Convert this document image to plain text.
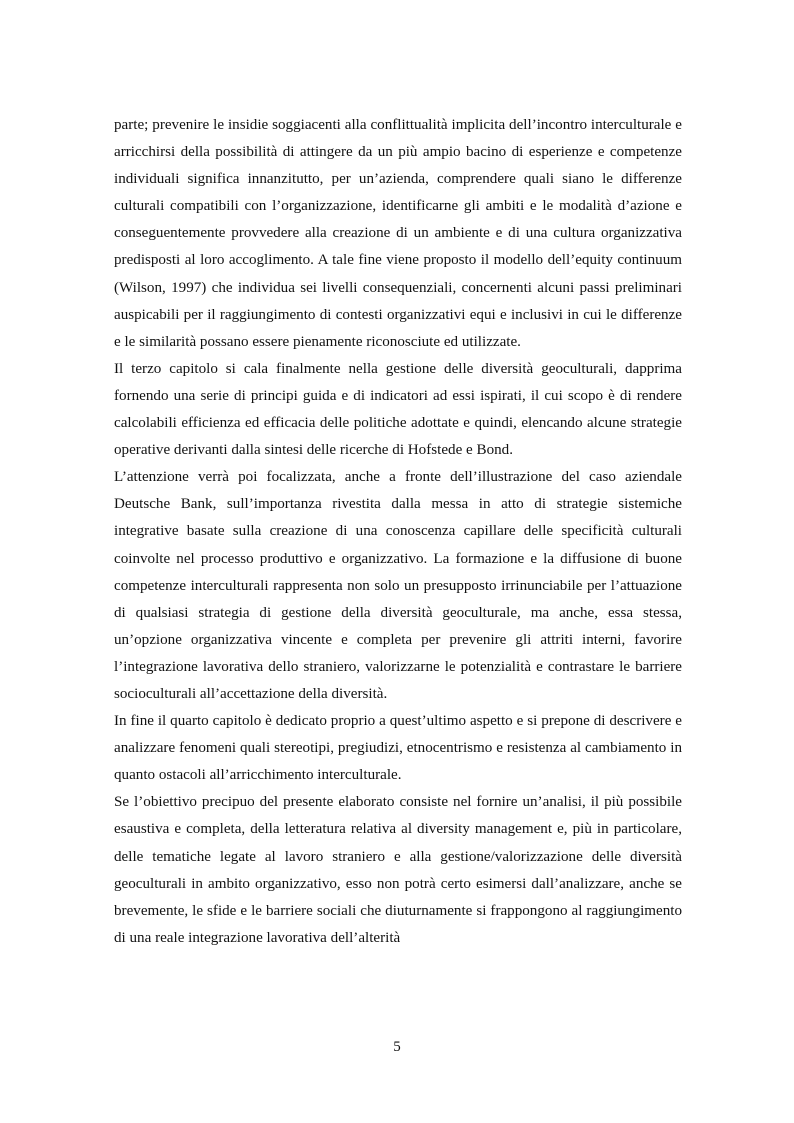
parte; prevenire le insidie soggiacenti alla conflittualità implicita dell’incontro interculturale e arricchirsi della possibilità di attingere da un più ampio bacino di esperienze e competenze individuali significa innanzitutto, per un’azienda, comprendere quali siano le differenze culturali compatibili con l’organizzazione, identificarne gli ambiti e le modalità d’azione e conseguentemente provvedere alla creazione di un ambiente e di una cultura organizzativa predisposti al loro accoglimento. A tale fine viene proposto il modello dell’equity continuum (Wilson, 1997) che individua sei livelli consequenziali, concernenti alcuni passi preliminari auspicabili per il raggiungimento di contesti organizzativi equi e inclusivi in cui le differenze e le similarità possano essere pienamente riconosciute ed utilizzate.

Il terzo capitolo si cala finalmente nella gestione delle diversità geoculturali, dapprima fornendo una serie di principi guida e di indicatori ad essi ispirati, il cui scopo è di rendere calcolabili efficienza ed efficacia delle politiche adottate e quindi, elencando alcune strategie operative derivanti dalla sintesi delle ricerche di Hofstede e Bond.

L’attenzione verrà poi focalizzata, anche a fronte dell’illustrazione del caso aziendale Deutsche Bank, sull’importanza rivestita dalla messa in atto di strategie sistemiche integrative basate sulla creazione di una conoscenza capillare delle specificità culturali coinvolte nel processo produttivo e organizzativo. La formazione e la diffusione di buone competenze interculturali rappresenta non solo un presupposto irrinunciabile per l’attuazione di qualsiasi strategia di gestione della diversità geoculturale, ma anche, essa stessa, un’opzione organizzativa vincente e completa per prevenire gli attriti interni, favorire l’integrazione lavorativa dello straniero, valorizzarne le potenzialità e contrastare le barriere socioculturali all’accettazione della diversità.

In fine il quarto capitolo è dedicato proprio a quest’ultimo aspetto e si prepone di descrivere e analizzare fenomeni quali stereotipi, pregiudizi, etnocentrismo e resistenza al cambiamento in quanto ostacoli all’arricchimento interculturale.

Se l’obiettivo precipuo del presente elaborato consiste nel fornire un’analisi, il più possibile esaustiva e completa, della letteratura relativa al diversity management e, più in particolare, delle tematiche legate al lavoro straniero e alla gestione/valorizzazione delle diversità geoculturali in ambito organizzativo, esso non potrà certo esimersi dall’analizzare, anche se brevemente, le sfide e le barriere sociali che diuturnamente si frappongono al raggiungimento di una reale integrazione lavorativa dell’alterità

5
